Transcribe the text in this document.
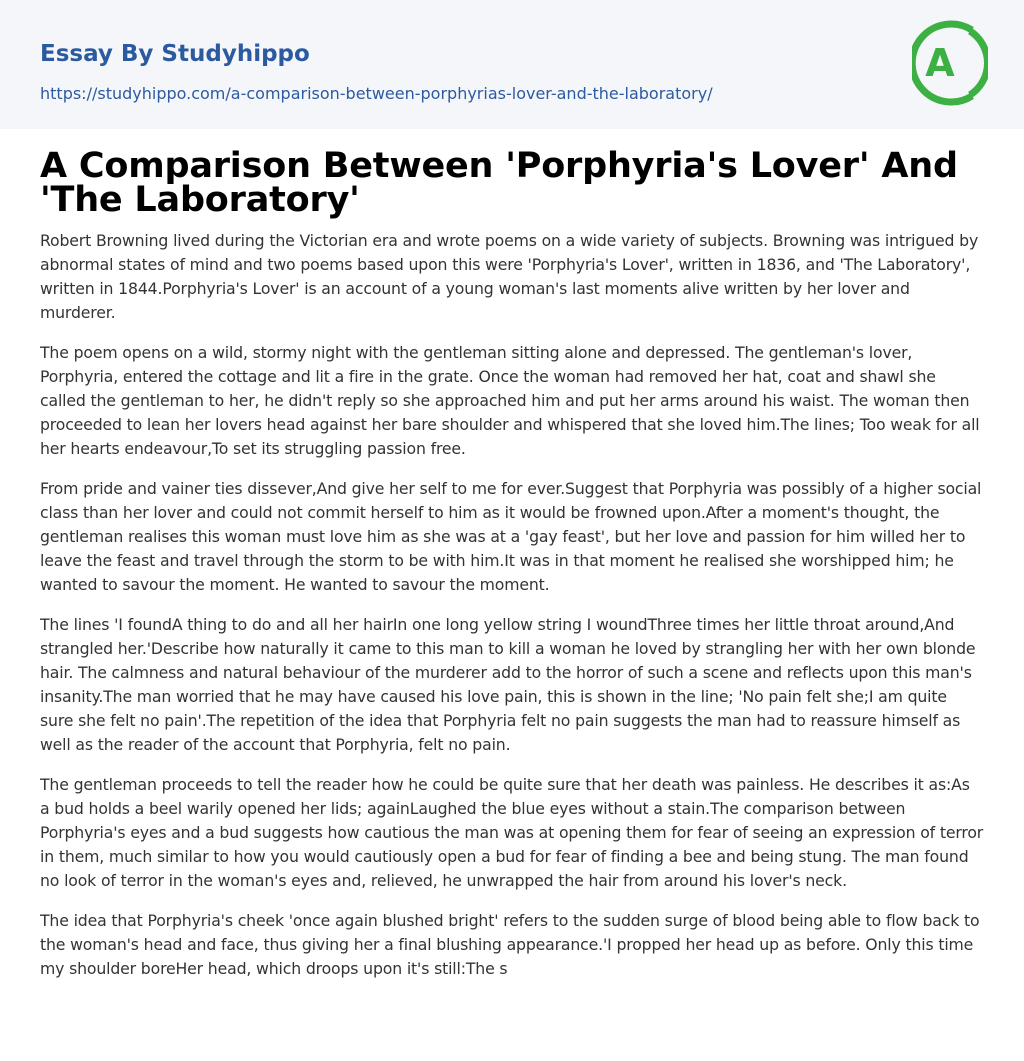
Essay By Studyhippo
https://studyhippo.com/a-comparison-between-porphyrias-lover-and-the-laboratory/
A
A Comparison Between 'Porphyria's Lover' And 'The Laboratory'

Robert Browning lived during the Victorian era and wrote poems on a wide variety of subjects. Browning was intrigued by abnormal states of mind and two poems based upon this were 'Porphyria's Lover', written in 1836, and 'The Laboratory', written in 1844.Porphyria's Lover' is an account of a young woman's last moments alive written by her lover and murderer.

The poem opens on a wild, stormy night with the gentleman sitting alone and depressed. The gentleman's lover, Porphyria, entered the cottage and lit a fire in the grate. Once the woman had removed her hat, coat and shawl she called the gentleman to her, he didn't reply so she approached him and put her arms around his waist. The woman then proceeded to lean her lovers head against her bare shoulder and whispered that she loved him.The lines; Too weak for all her hearts endeavour,To set its struggling passion free.

From pride and vainer ties dissever,And give her self to me for ever.Suggest that Porphyria was possibly of a higher social class than her lover and could not commit herself to him as it would be frowned upon.After a moment's thought, the gentleman realises this woman must love him as she was at a 'gay feast', but her love and passion for him willed her to leave the feast and travel through the storm to be with him.It was in that moment he realised she worshipped him; he wanted to savour the moment. He wanted to savour the moment.

The lines 'I foundA thing to do and all her hairIn one long yellow string I woundThree times her little throat around,And strangled her.'Describe how naturally it came to this man to kill a woman he loved by strangling her with her own blonde hair. The calmness and natural behaviour of the murderer add to the horror of such a scene and reflects upon this man's insanity.The man worried that he may have caused his love pain, this is shown in the line; 'No pain felt she;I am quite sure she felt no pain'.The repetition of the idea that Porphyria felt no pain suggests the man had to reassure himself as well as the reader of the account that Porphyria, felt no pain.

The gentleman proceeds to tell the reader how he could be quite sure that her death was painless. He describes it as:As a bud holds a beel warily opened her lids; againLaughed the blue eyes without a stain.The comparison between Porphyria's eyes and a bud suggests how cautious the man was at opening them for fear of seeing an expression of terror in them, much similar to how you would cautiously open a bud for fear of finding a bee and being stung. The man found no look of terror in the woman's eyes and, relieved, he unwrapped the hair from around his lover's neck.

The idea that Porphyria's cheek 'once again blushed bright' refers to the sudden surge of blood being able to flow back to the woman's head and face, thus giving her a final blushing appearance.'I propped her head up as before. Only this time my shoulder boreHer head, which droops upon it's still:The s
